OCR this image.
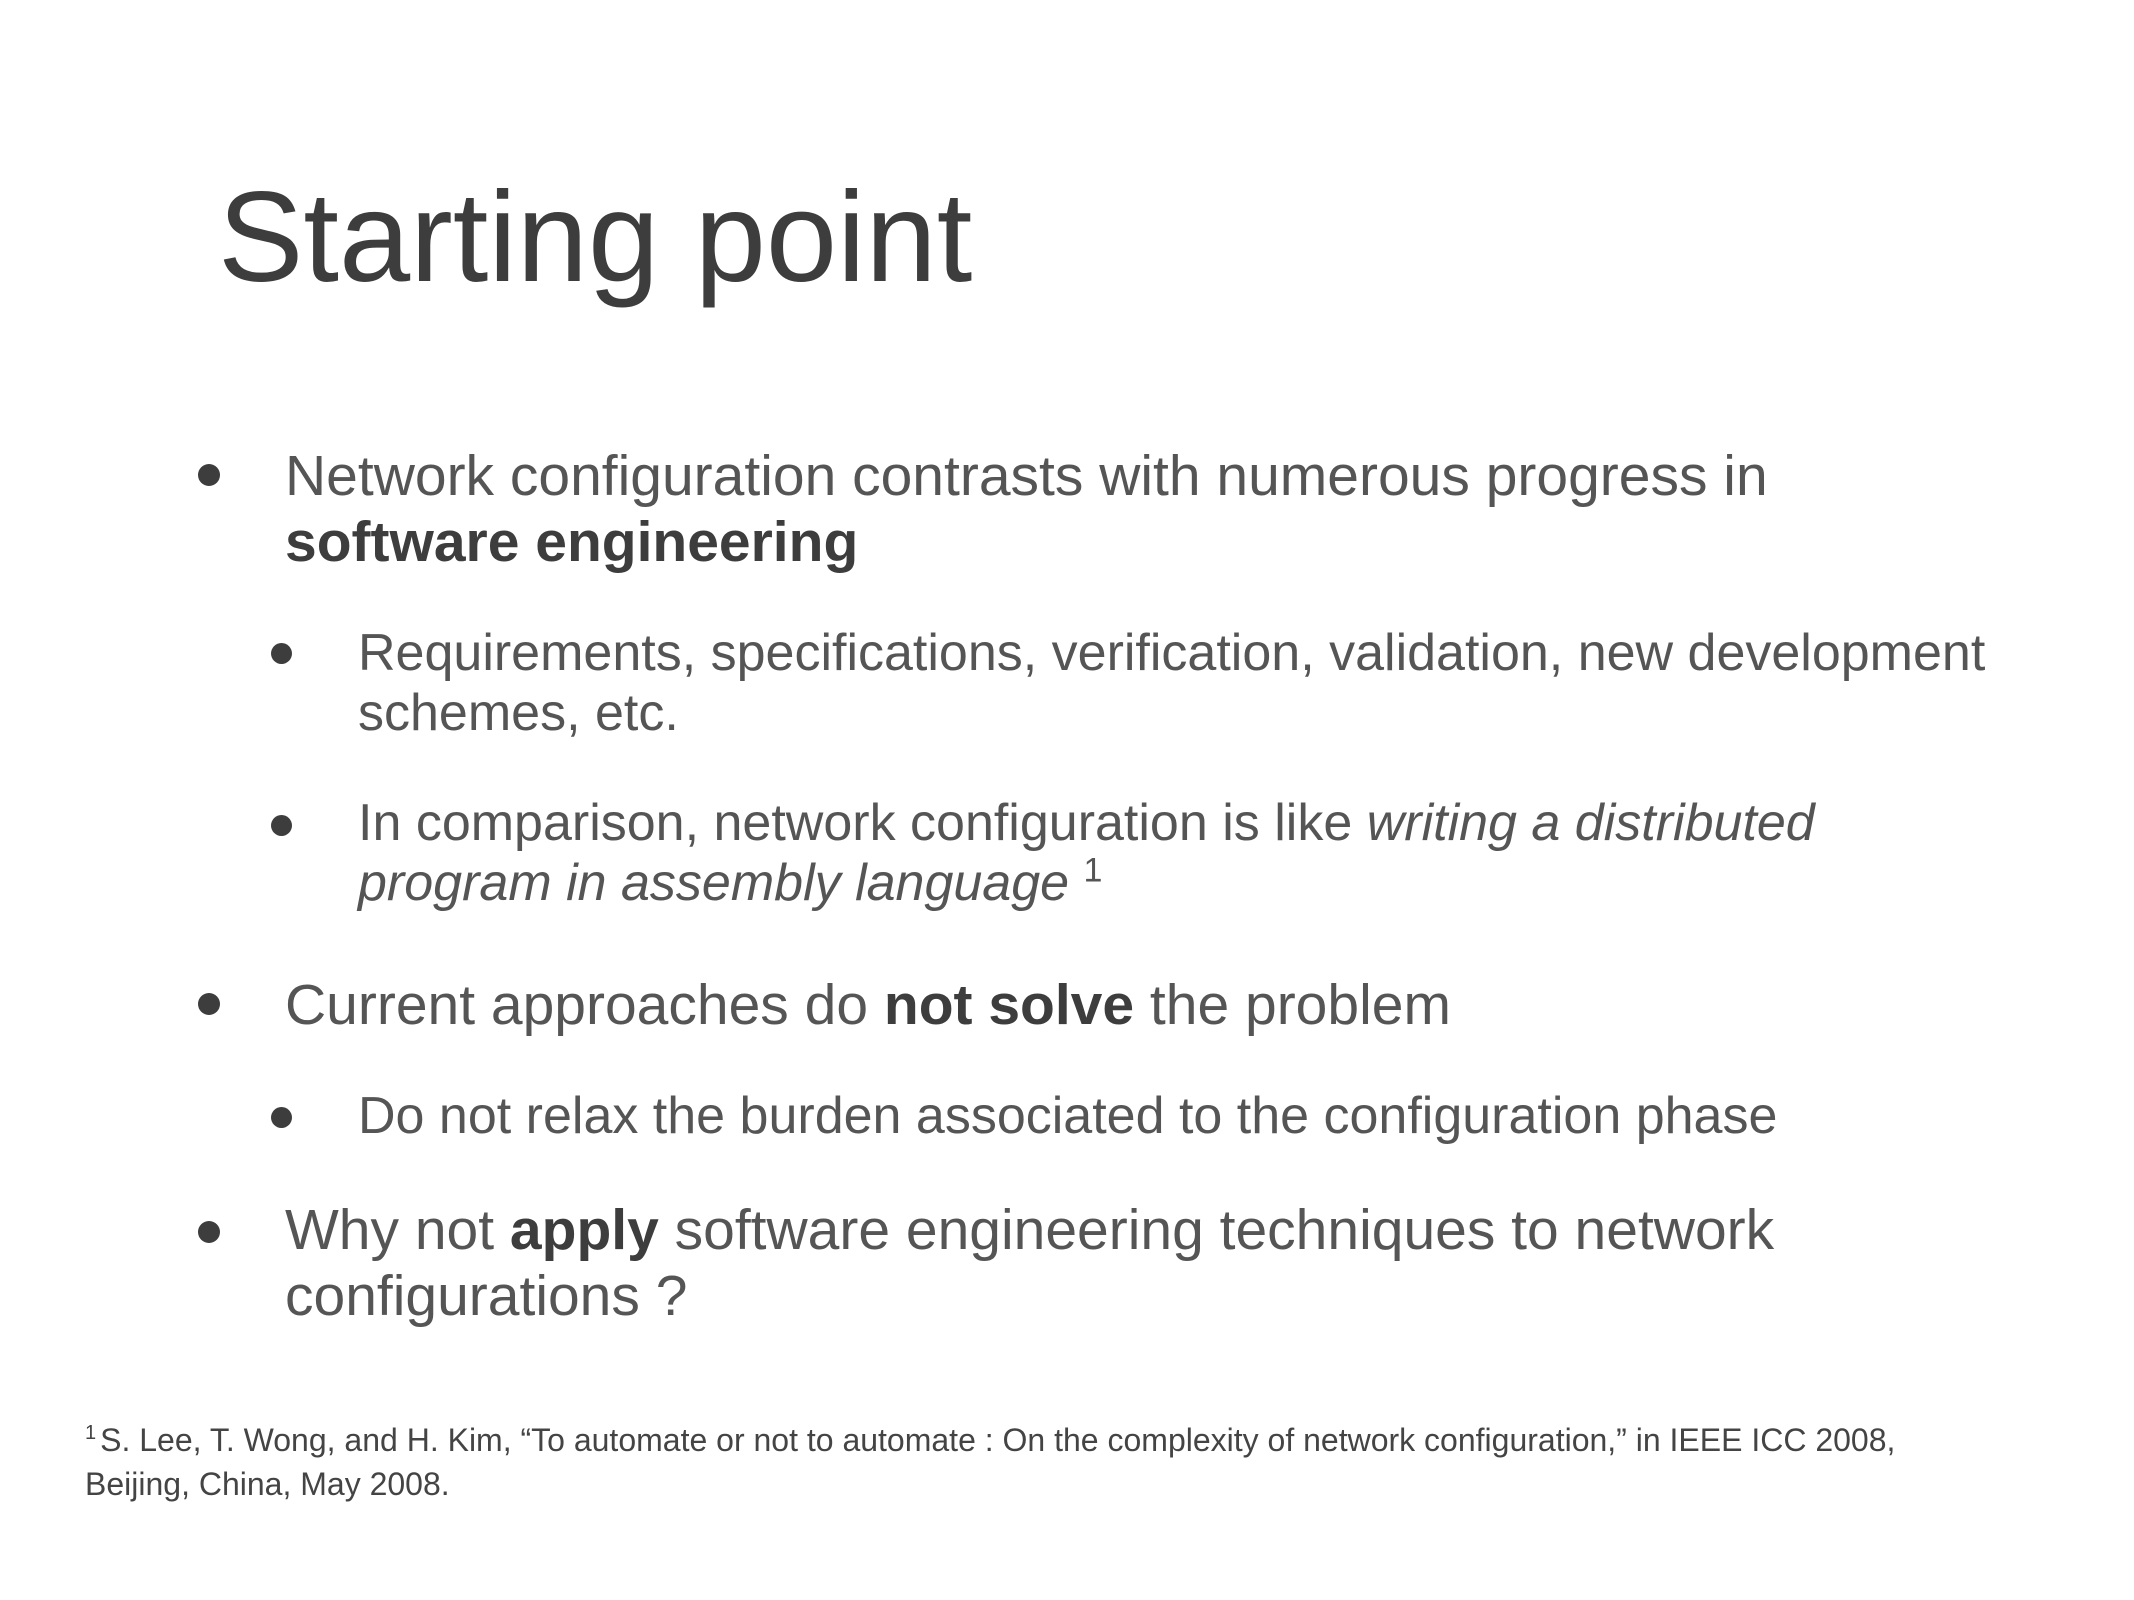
Starting point
Network configuration contrasts with numerous progress in
software engineering
Requirements, specifications, verification, validation, new development
schemes, etc.
In comparison, network configuration is like writing a distributed
program in assembly language $^1$
Current approaches do not solve the problem
Do not relax the burden associated to the configuration phase
Why not apply software engineering techniques to network
configurations ?
$^1$ S. Lee, T. Wong, and H. Kim, “To automate or not to automate : On the complexity of network configuration,” in IEEE ICC 2008,
Beijing, China, May 2008.
